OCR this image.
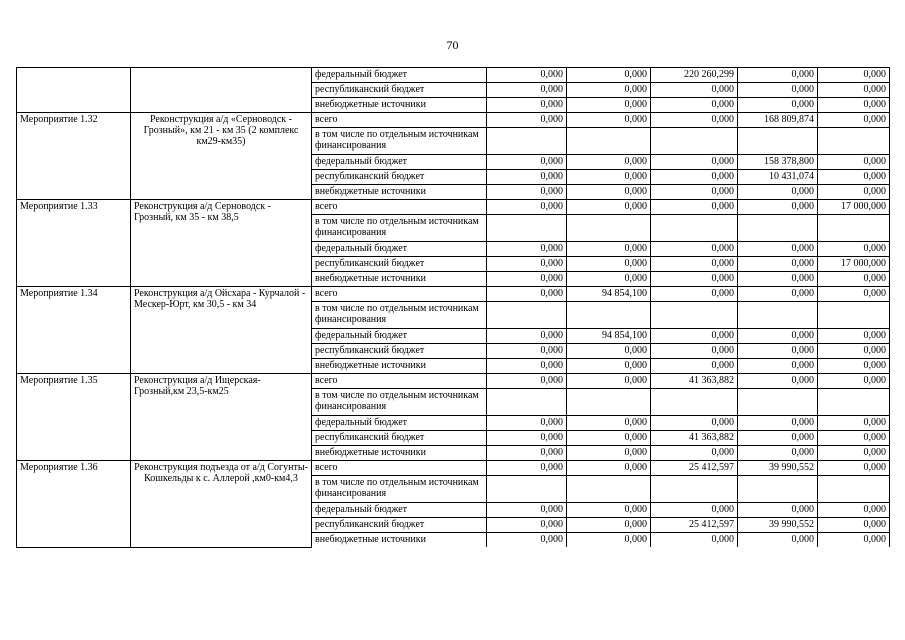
70
		федеральный бюджет	0,000	0,000	220 260,299	0,000	0,000
		республиканский бюджет	0,000	0,000	0,000	0,000	0,000
		внебюджетные источники	0,000	0,000	0,000	0,000	0,000
Мероприятие 1.32	Реконструкция а/д «Серноводск - Грозный», км 21 - км 35 (2 комплекс км29-км35)	всего	0,000	0,000	0,000	168 809,874	0,000
		в том числе по отдельным источникам финансирования					
		федеральный бюджет	0,000	0,000	0,000	158 378,800	0,000
		республиканский бюджет	0,000	0,000	0,000	10 431,074	0,000
		внебюджетные источники	0,000	0,000	0,000	0,000	0,000
Мероприятие 1.33	Реконструкция а/д Серноводск - Грозный, км 35 - км 38,5	всего	0,000	0,000	0,000	0,000	17 000,000
		в том числе по отдельным источникам финансирования					
		федеральный бюджет	0,000	0,000	0,000	0,000	0,000
		республиканский бюджет	0,000	0,000	0,000	0,000	17 000,000
		внебюджетные источники	0,000	0,000	0,000	0,000	0,000
Мероприятие 1.34	Реконструкция а/д Ойсхара - Курчалой - Мескер-Юрт, км 30,5 - км 34	всего	0,000	94 854,100	0,000	0,000	0,000
		в том числе по отдельным источникам финансирования					
		федеральный бюджет	0,000	94 854,100	0,000	0,000	0,000
		республиканский бюджет	0,000	0,000	0,000	0,000	0,000
		внебюджетные источники	0,000	0,000	0,000	0,000	0,000
Мероприятие 1.35	Реконструкция а/д Ищерская-Грозный,км 23,5-км25	всего	0,000	0,000	41 363,882	0,000	0,000
		в том числе по отдельным источникам финансирования					
		федеральный бюджет	0,000	0,000	0,000	0,000	0,000
		республиканский бюджет	0,000	0,000	41 363,882	0,000	0,000
		внебюджетные источники	0,000	0,000	0,000	0,000	0,000
Мероприятие 1.36	Реконструкция подъезда от а/д Согунты-Кошкельды к с. Аллерой ,км0-км4,3	всего	0,000	0,000	25 412,597	39 990,552	0,000
		в том числе по отдельным источникам финансирования					
		федеральный бюджет	0,000	0,000	0,000	0,000	0,000
		республиканский бюджет	0,000	0,000	25 412,597	39 990,552	0,000
		внебюджетные источники	0,000	0,000	0,000	0,000	0,000
